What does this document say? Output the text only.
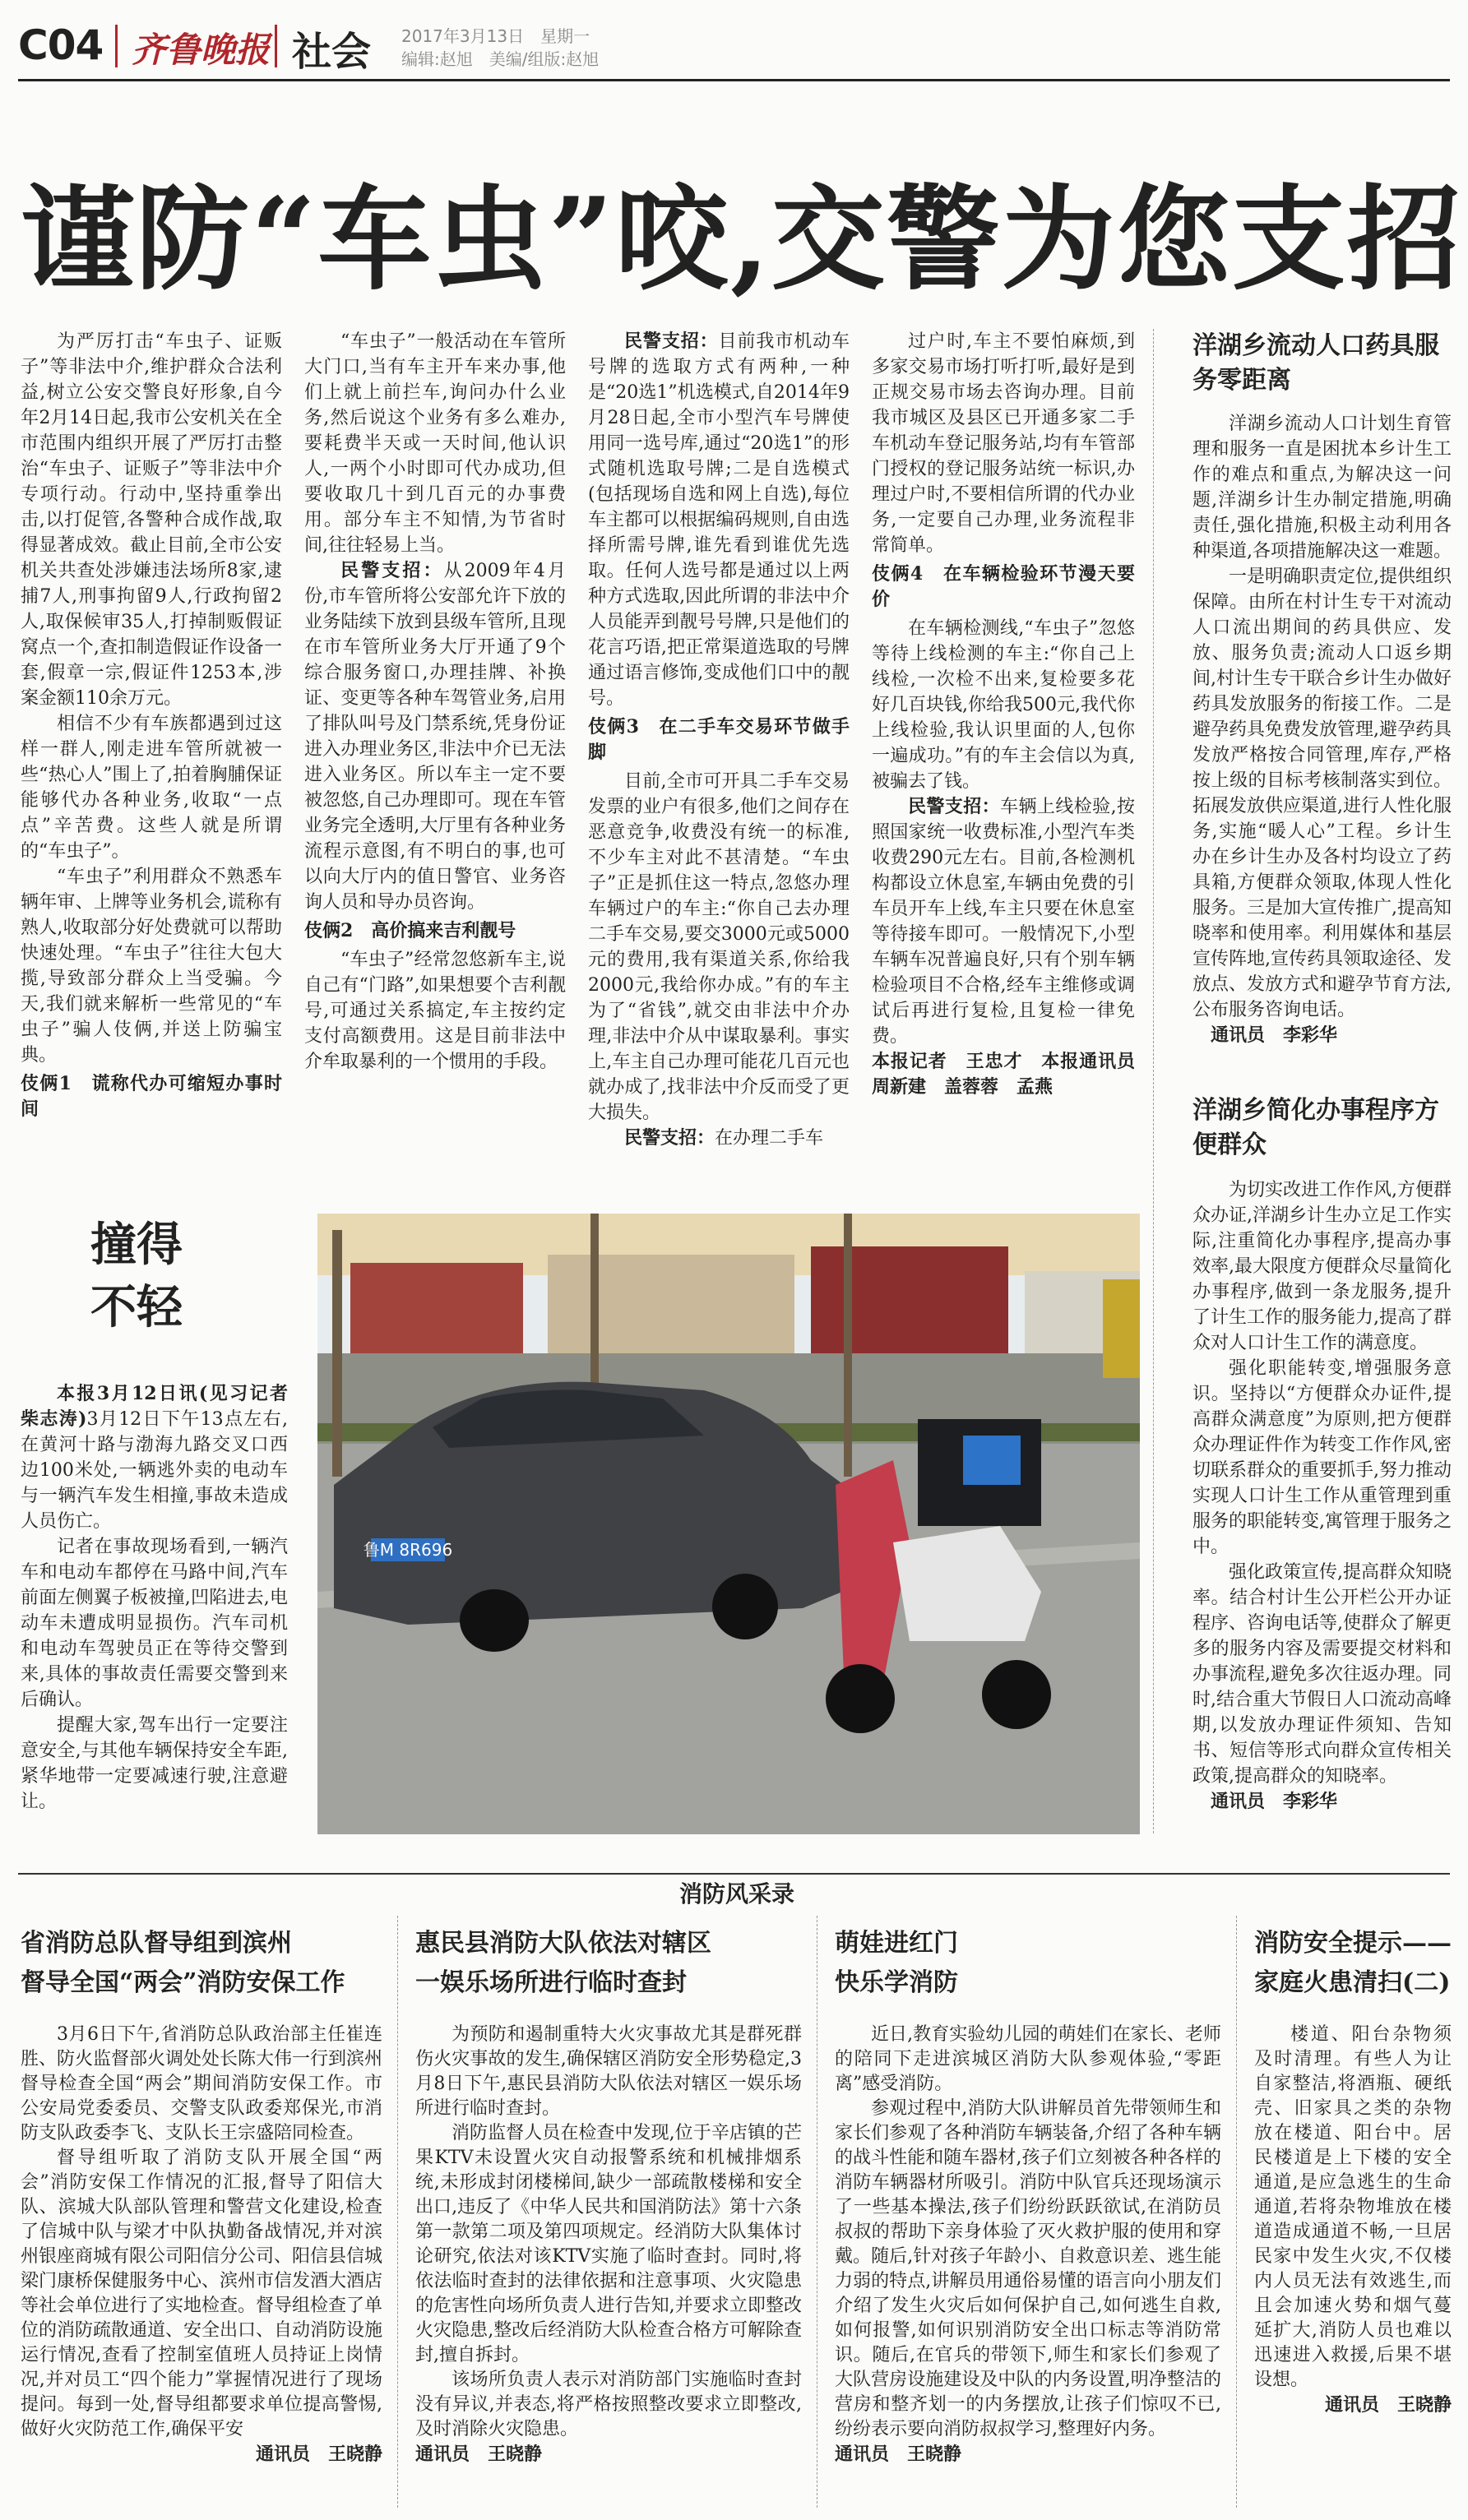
C04 齐鲁晚报 社会 2017年3月13日　星期一
编辑:赵旭　美编/组版:赵旭
谨防“车虫”咬,交警为您支招

为严厉打击“车虫子、证贩子”等非法中介,维护群众合法利益,树立公安交警良好形象,自今年2月14日起,我市公安机关在全市范围内组织开展了严厉打击整治“车虫子、证贩子”等非法中介专项行动。行动中,坚持重拳出击,以打促管,各警种合成作战,取得显著成效。截止目前,全市公安机关共查处涉嫌违法场所8家,逮捕7人,刑事拘留9人,行政拘留2人,取保候审35人,打掉制贩假证窝点一个,查扣制造假证作设备一套,假章一宗,假证件1253本,涉案金额110余万元。

相信不少有车族都遇到过这样一群人,刚走进车管所就被一些“热心人”围上了,拍着胸脯保证能够代办各种业务,收取“一点点”辛苦费。这些人就是所谓的“车虫子”。

“车虫子”利用群众不熟悉车辆年审、上牌等业务机会,谎称有熟人,收取部分好处费就可以帮助快速处理。“车虫子”往往大包大揽,导致部分群众上当受骗。今天,我们就来解析一些常见的“车虫子”骗人伎俩,并送上防骗宝典。

伎俩1　谎称代办可缩短办事时间

“车虫子”一般活动在车管所大门口,当有车主开车来办事,他们上就上前拦车,询问办什么业务,然后说这个业务有多么难办,要耗费半天或一天时间,他认识人,一两个小时即可代办成功,但要收取几十到几百元的办事费用。部分车主不知情,为节省时间,往往轻易上当。

民警支招：从2009年4月份,市车管所将公安部允许下放的业务陆续下放到县级车管所,且现在市车管所业务大厅开通了9个综合服务窗口,办理挂牌、补换证、变更等各种车驾管业务,启用了排队叫号及门禁系统,凭身份证进入办理业务区,非法中介已无法进入业务区。所以车主一定不要被忽悠,自己办理即可。现在车管业务完全透明,大厅里有各种业务流程示意图,有不明白的事,也可以向大厅内的值日警官、业务咨询人员和导办员咨询。

伎俩2　高价搞来吉利靓号

“车虫子”经常忽悠新车主,说自己有“门路”,如果想要个吉利靓号,可通过关系搞定,车主按约定支付高额费用。这是目前非法中介牟取暴利的一个惯用的手段。

民警支招：目前我市机动车号牌的选取方式有两种,一种是“20选1”机选模式,自2014年9月28日起,全市小型汽车号牌使用同一选号库,通过“20选1”的形式随机选取号牌;二是自选模式(包括现场自选和网上自选),每位车主都可以根据编码规则,自由选择所需号牌,谁先看到谁优先选取。任何人选号都是通过以上两种方式选取,因此所谓的非法中介人员能弄到靓号号牌,只是他们的花言巧语,把正常渠道选取的号牌通过语言修饰,变成他们口中的靓号。

伎俩3　在二手车交易环节做手脚

目前,全市可开具二手车交易发票的业户有很多,他们之间存在恶意竞争,收费没有统一的标准,不少车主对此不甚清楚。“车虫子”正是抓住这一特点,忽悠办理车辆过户的车主:“你自己去办理二手车交易,要交3000元或5000元的费用,我有渠道关系,你给我2000元,我给你办成。”有的车主为了“省钱”,就交由非法中介办理,非法中介从中谋取暴利。事实上,车主自己办理可能花几百元也就办成了,找非法中介反而受了更大损失。

民警支招：在办理二手车

过户时,车主不要怕麻烦,到多家交易市场打听打听,最好是到正规交易市场去咨询办理。目前我市城区及县区已开通多家二手车机动车登记服务站,均有车管部门授权的登记服务站统一标识,办理过户时,不要相信所谓的代办业务,一定要自己办理,业务流程非常简单。

伎俩4　在车辆检验环节漫天要价

在车辆检测线,“车虫子”忽悠等待上线检测的车主:“你自己上线检,一次检不出来,复检要多花好几百块钱,你给我500元,我代你上线检验,我认识里面的人,包你一遍成功。”有的车主会信以为真,被骗去了钱。

民警支招：车辆上线检验,按照国家统一收费标准,小型汽车类收费290元左右。目前,各检测机构都设立休息室,车辆由免费的引车员开车上线,车主只要在休息室等待接车即可。一般情况下,小型车辆车况普遍良好,只有个别车辆检验项目不合格,经车主维修或调试后再进行复检,且复检一律免费。

本报记者　王忠才　本报通讯员　周新建　盖蓉蓉　孟燕

洋湖乡流动人口药具服务零距离

洋湖乡流动人口计划生育管理和服务一直是困扰本乡计生工作的难点和重点,为解决这一问题,洋湖乡计生办制定措施,明确责任,强化措施,积极主动利用各种渠道,各项措施解决这一难题。

一是明确职责定位,提供组织保障。由所在村计生专干对流动人口流出期间的药具供应、发放、服务负责;流动人口返乡期间,村计生专干联合乡计生办做好药具发放服务的衔接工作。二是避孕药具免费发放管理,避孕药具发放严格按合同管理,库存,严格按上级的目标考核制落实到位。拓展发放供应渠道,进行人性化服务,实施“暖人心”工程。乡计生办在乡计生办及各村均设立了药具箱,方便群众领取,体现人性化服务。三是加大宣传推广,提高知晓率和使用率。利用媒体和基层宣传阵地,宣传药具领取途径、发放点、发放方式和避孕节育方法,公布服务咨询电话。

通讯员　李彩华

洋湖乡简化办事程序方便群众

为切实改进工作作风,方便群众办证,洋湖乡计生办立足工作实际,注重简化办事程序,提高办事效率,最大限度方便群众尽量简化办事程序,做到一条龙服务,提升了计生工作的服务能力,提高了群众对人口计生工作的满意度。

强化职能转变,增强服务意识。坚持以“方便群众办证件,提高群众满意度”为原则,把方便群众办理证件作为转变工作作风,密切联系群众的重要抓手,努力推动实现人口计生工作从重管理到重服务的职能转变,寓管理于服务之中。

强化政策宣传,提高群众知晓率。结合村计生公开栏公开办证程序、咨询电话等,使群众了解更多的服务内容及需要提交材料和办事流程,避免多次往返办理。同时,结合重大节假日人口流动高峰期,以发放办理证件须知、告知书、短信等形式向群众宣传相关政策,提高群众的知晓率。

通讯员　李彩华

撞得
不轻

本报3月12日讯(见习记者 柴志涛)3月12日下午13点左右,在黄河十路与渤海九路交叉口西边100米处,一辆逃外卖的电动车与一辆汽车发生相撞,事故未造成人员伤亡。

记者在事故现场看到,一辆汽车和电动车都停在马路中间,汽车前面左侧翼子板被撞,凹陷进去,电动车未遭成明显损伤。汽车司机和电动车驾驶员正在等待交警到来,具体的事故责任需要交警到来后确认。

提醒大家,驾车出行一定要注意安全,与其他车辆保持安全车距,紧华地带一定要减速行驶,注意避让。

鲁M 8R696
消防风采录
省消防总队督导组到滨州
督导全国“两会”消防安保工作

3月6日下午,省消防总队政治部主任崔连胜、防火监督部火调处处长陈大伟一行到滨州督导检查全国“两会”期间消防安保工作。市公安局党委委员、交警支队政委郑保光,市消防支队政委李飞、支队长王宗盛陪同检查。

督导组听取了消防支队开展全国“两会”消防安保工作情况的汇报,督导了阳信大队、滨城大队部队管理和警营文化建设,检查了信城中队与梁才中队执勤备战情况,并对滨州银座商城有限公司阳信分公司、阳信县信城梁门康桥保健服务中心、滨州市信发酒大酒店等社会单位进行了实地检查。督导组检查了单位的消防疏散通道、安全出口、自动消防设施运行情况,查看了控制室值班人员持证上岗情况,并对员工“四个能力”掌握情况进行了现场提问。每到一处,督导组都要求单位提高警惕,做好火灾防范工作,确保平安

通讯员　王晓静

惠民县消防大队依法对辖区
一娱乐场所进行临时查封

为预防和遏制重特大火灾事故尤其是群死群伤火灾事故的发生,确保辖区消防安全形势稳定,3月8日下午,惠民县消防大队依法对辖区一娱乐场所进行临时查封。

消防监督人员在检查中发现,位于辛店镇的芒果KTV未设置火灾自动报警系统和机械排烟系统,未形成封闭楼梯间,缺少一部疏散楼梯和安全出口,违反了《中华人民共和国消防法》第十六条第一款第二项及第四项规定。经消防大队集体讨论研究,依法对该KTV实施了临时查封。同时,将依法临时查封的法律依据和注意事项、火灾隐患的危害性向场所负责人进行告知,并要求立即整改火灾隐患,整改后经消防大队检查合格方可解除查封,擅自拆封。

该场所负责人表示对消防部门实施临时查封没有异议,并表态,将严格按照整改要求立即整改,及时消除火灾隐患。

通讯员　王晓静

萌娃进红门
快乐学消防

近日,教育实验幼儿园的萌娃们在家长、老师的陪同下走进滨城区消防大队参观体验,“零距离”感受消防。

参观过程中,消防大队讲解员首先带领师生和家长们参观了各种消防车辆装备,介绍了各种车辆的战斗性能和随车器材,孩子们立刻被各种各样的消防车辆器材所吸引。消防中队官兵还现场演示了一些基本操法,孩子们纷纷跃跃欲试,在消防员叔叔的帮助下亲身体验了灭火救护服的使用和穿戴。随后,针对孩子年龄小、自救意识差、逃生能力弱的特点,讲解员用通俗易懂的语言向小朋友们介绍了发生火灾后如何保护自己,如何逃生自救,如何报警,如何识别消防安全出口标志等消防常识。随后,在官兵的带领下,师生和家长们参观了大队营房设施建设及中队的内务设置,明净整洁的营房和整齐划一的内务摆放,让孩子们惊叹不已,纷纷表示要向消防叔叔学习,整理好内务。

通讯员　王晓静

消防安全提示——
家庭火患清扫(二)

楼道、阳台杂物须及时清理。有些人为让自家整洁,将酒瓶、硬纸壳、旧家具之类的杂物放在楼道、阳台中。居民楼道是上下楼的安全通道,是应急逃生的生命通道,若将杂物堆放在楼道造成通道不畅,一旦居民家中发生火灾,不仅楼内人员无法有效逃生,而且会加速火势和烟气蔓延扩大,消防人员也难以迅速进入救援,后果不堪设想。

通讯员　王晓静
